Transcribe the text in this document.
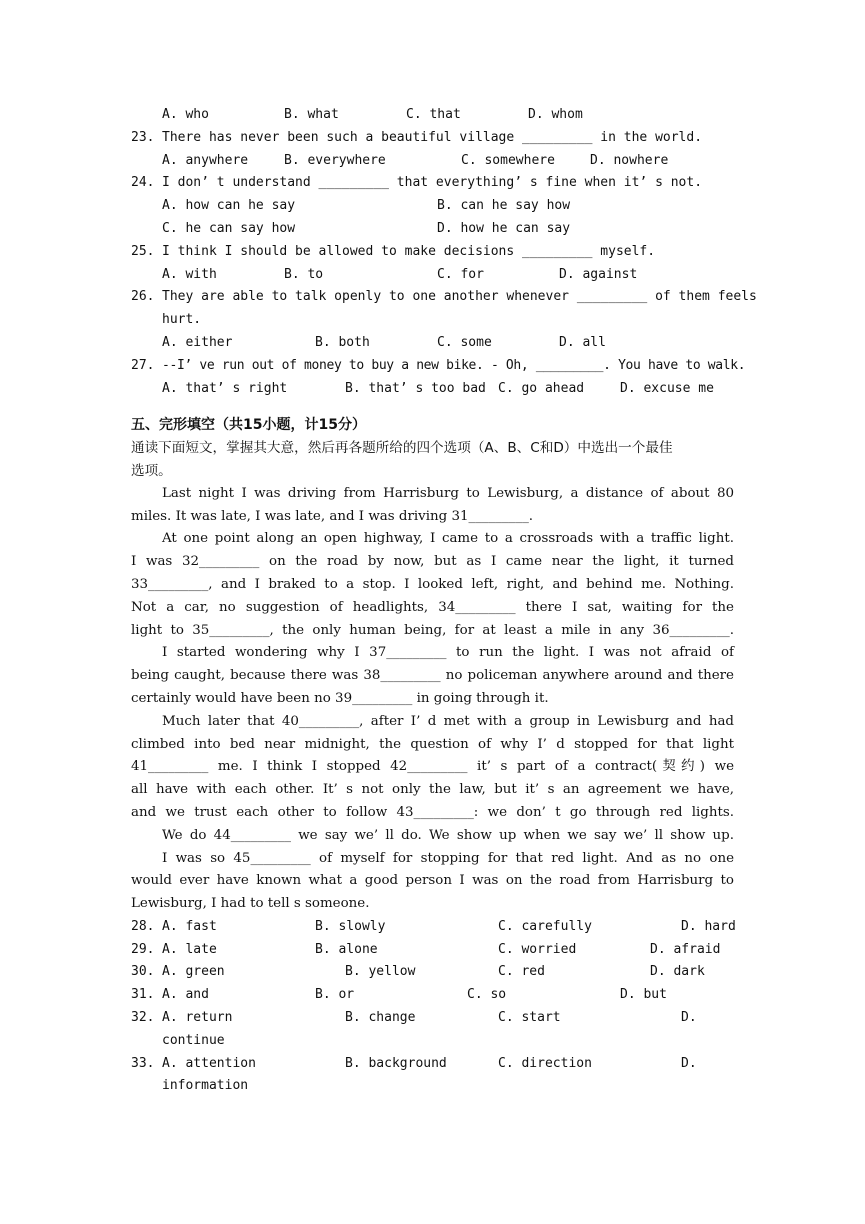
A. who	B. what	C. that	D. whom
23. There has never been such a beautiful village _________ in the world.
A. anywhere	B. everywhere	C. somewhere	D. nowhere
24. I don’ t understand _________ that everything’ s fine when it’ s not.
A. how can he say	B. can he say how
C. he can say how	D. how he can say
25. I think I should be allowed to make decisions _________ myself.
A. with	B. to	C. for	D. against
26. They are able to talk openly to one another whenever _________ of them feels
hurt.
A. either	B. both	C. some	D. all
27. --I’ ve run out of money to buy a new bike. - Oh, _________. You have to walk.
A. that’ s right	B. that’ s too bad C. go ahead	D. excuse me
五、完形填空（共15小题，计15分）
通读下面短文，掌握其大意，然后再各题所给的四个选项（A、B、C和D）中选出一个最佳
选项。
Last night I was driving from Harrisburg to Lewisburg, a distance of about 80
miles. It was late, I was late, and I was driving 31_________.
At one point along an open highway, I came to a crossroads with a traffic light.
I was 32_________ on the road by now, but as I came near the light, it turned
33_________, and I braked to a stop. I looked left, right, and behind me. Nothing.
Not a car, no suggestion of headlights, 34_________ there I sat, waiting for the
light to 35_________, the only human being, for at least a mile in any 36_________.
I started wondering why I 37_________ to run the light. I was not afraid of
being caught, because there was 38_________ no policeman anywhere around and there
certainly would have been no 39_________ in going through it.
Much later that 40_________, after I’ d met with a group in Lewisburg and had
climbed into bed near midnight, the question of why I’ d stopped for that light
41_________ me. I think I stopped 42_________ it’ s part of a contract(契约) we
all have with each other. It’ s not only the law, but it’ s an agreement we have,
and we trust each other to follow 43_________: we don’ t go through red lights.
We do 44_________ we say we’ ll do. We show up when we say we’ ll show up.
I was so 45_________ of myself for stopping for that red light. And as no one
would ever have known what a good person I was on the road from Harrisburg to
Lewisburg, I had to tell s someone.
28. A. fast	B. slowly	C. carefully	D. hard
29. A. late	B. alone	C. worried	D. afraid
30. A. green	B. yellow	C. red	D. dark
31. A. and	B. or	C. so	D. but
32. A. return	B. change	C. start	D.
continue
33. A. attention	B. background	C. direction	D.
information
